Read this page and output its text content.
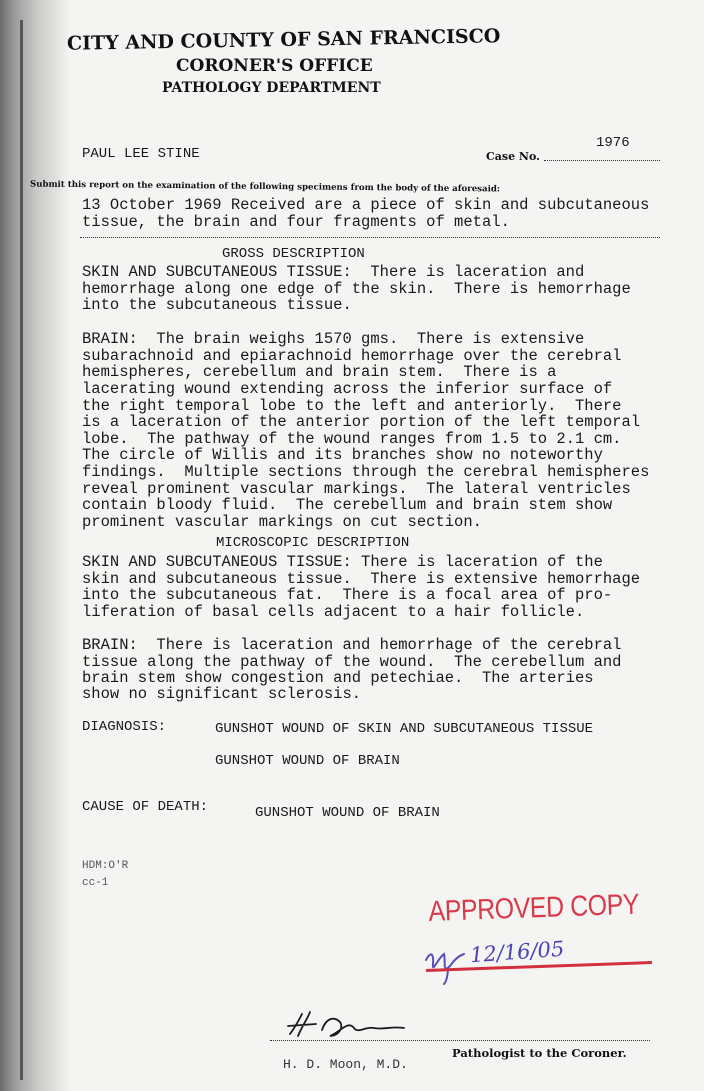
CITY AND COUNTY OF SAN FRANCISCO
CORONER'S OFFICE
PATHOLOGY DEPARTMENT
PAUL LEE STINE	Case No.
1976
Submit this report on the examination of the following specimens from the body of the aforesaid:
13 October 1969 Received are a piece of skin and subcutaneous
tissue, the brain and four fragments of metal.
GROSS DESCRIPTION
SKIN AND SUBCUTANEOUS TISSUE:  There is laceration and
hemorrhage along one edge of the skin.  There is hemorrhage
into the subcutaneous tissue.
BRAIN:  The brain weighs 1570 gms.  There is extensive
subarachnoid and epiarachnoid hemorrhage over the cerebral
hemispheres, cerebellum and brain stem.  There is a
lacerating wound extending across the inferior surface of
the right temporal lobe to the left and anteriorly.  There
is a laceration of the anterior portion of the left temporal
lobe.  The pathway of the wound ranges from 1.5 to 2.1 cm.
The circle of Willis and its branches show no noteworthy
findings.  Multiple sections through the cerebral hemispheres
reveal prominent vascular markings.  The lateral ventricles
contain bloody fluid.  The cerebellum and brain stem show
prominent vascular markings on cut section.
MICROSCOPIC DESCRIPTION
SKIN AND SUBCUTANEOUS TISSUE: There is laceration of the
skin and subcutaneous tissue.  There is extensive hemorrhage
into the subcutaneous fat.  There is a focal area of pro-
liferation of basal cells adjacent to a hair follicle.
BRAIN:  There is laceration and hemorrhage of the cerebral
tissue along the pathway of the wound.  The cerebellum and
brain stem show congestion and petechiae.  The arteries
show no significant sclerosis.
DIAGNOSIS:	GUNSHOT WOUND OF SKIN AND SUBCUTANEOUS TISSUE
GUNSHOT WOUND OF BRAIN
CAUSE OF DEATH:	GUNSHOT WOUND OF BRAIN
HDM:O'R
cc-1
APPROVED COPY
12/16/05
Pathologist to the Coroner.
H. D. Moon, M.D.
